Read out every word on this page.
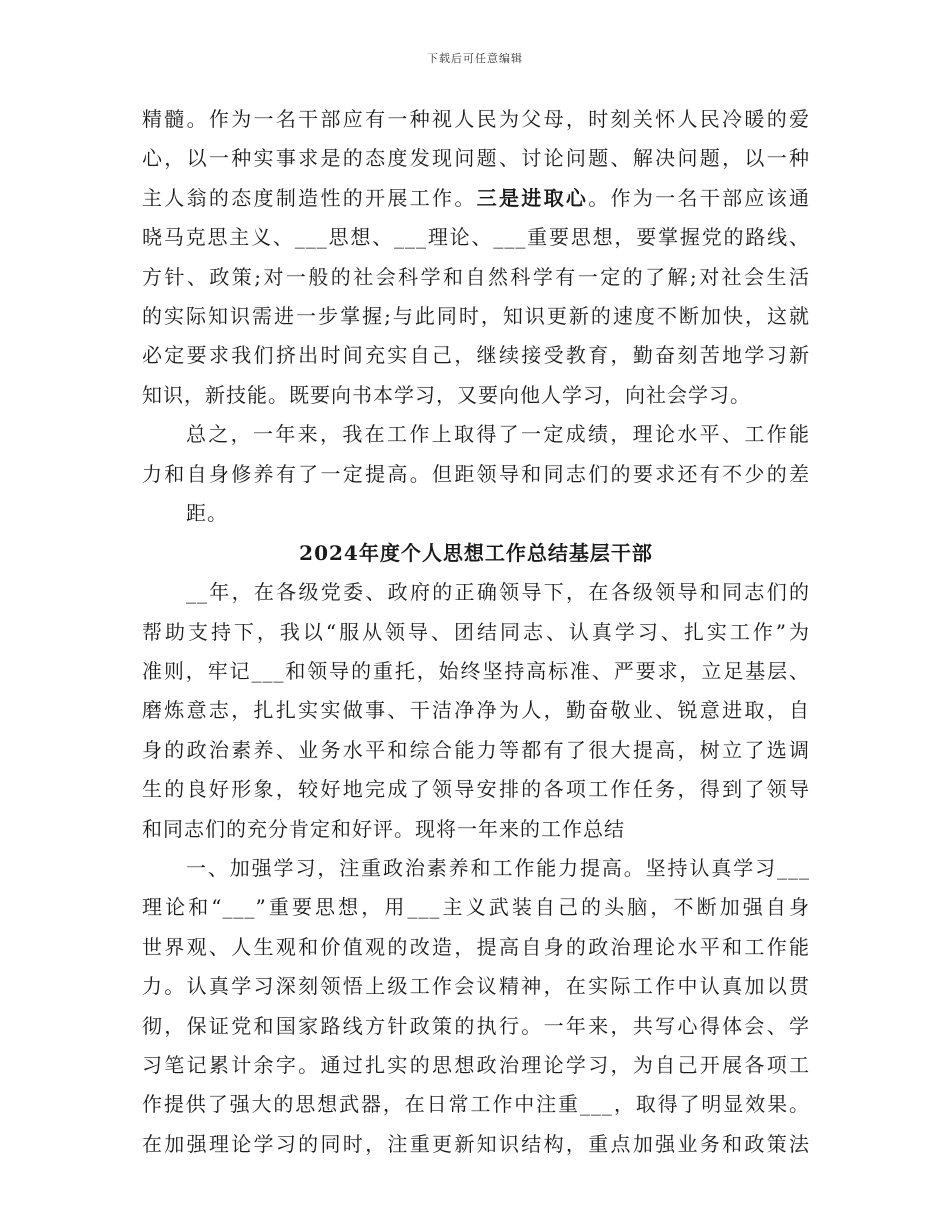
下载后可任意编辑
精髓。作为一名干部应有一种视人民为父母，时刻关怀人民冷暖的爱
心，以一种实事求是的态度发现问题、讨论问题、解决问题，以一种
主人翁的态度制造性的开展工作。三是进取心。作为一名干部应该通
晓马克思主义、___思想、___理论、___重要思想，要掌握党的路线、
方针、政策;对一般的社会科学和自然科学有一定的了解;对社会生活
的实际知识需进一步掌握;与此同时，知识更新的速度不断加快，这就
必定要求我们挤出时间充实自己，继续接受教育，勤奋刻苦地学习新
知识，新技能。既要向书本学习，又要向他人学习，向社会学习。
总之，一年来，我在工作上取得了一定成绩，理论水平、工作能
力和自身修养有了一定提高。但距领导和同志们的要求还有不少的差
距。
2024年度个人思想工作总结基层干部
__年，在各级党委、政府的正确领导下，在各级领导和同志们的
帮助支持下，我以“服从领导、团结同志、认真学习、扎实工作”为
准则，牢记___和领导的重托，始终坚持高标准、严要求，立足基层、
磨炼意志，扎扎实实做事、干洁净净为人，勤奋敬业、锐意进取，自
身的政治素养、业务水平和综合能力等都有了很大提高，树立了选调
生的良好形象，较好地完成了领导安排的各项工作任务，得到了领导
和同志们的充分肯定和好评。现将一年来的工作总结
一、加强学习，注重政治素养和工作能力提高。坚持认真学习___
理论和“___”重要思想，用___主义武装自己的头脑，不断加强自身
世界观、人生观和价值观的改造，提高自身的政治理论水平和工作能
力。认真学习深刻领悟上级工作会议精神，在实际工作中认真加以贯
彻，保证党和国家路线方针政策的执行。一年来，共写心得体会、学
习笔记累计余字。通过扎实的思想政治理论学习，为自己开展各项工
作提供了强大的思想武器，在日常工作中注重___，取得了明显效果。
在加强理论学习的同时，注重更新知识结构，重点加强业务和政策法
